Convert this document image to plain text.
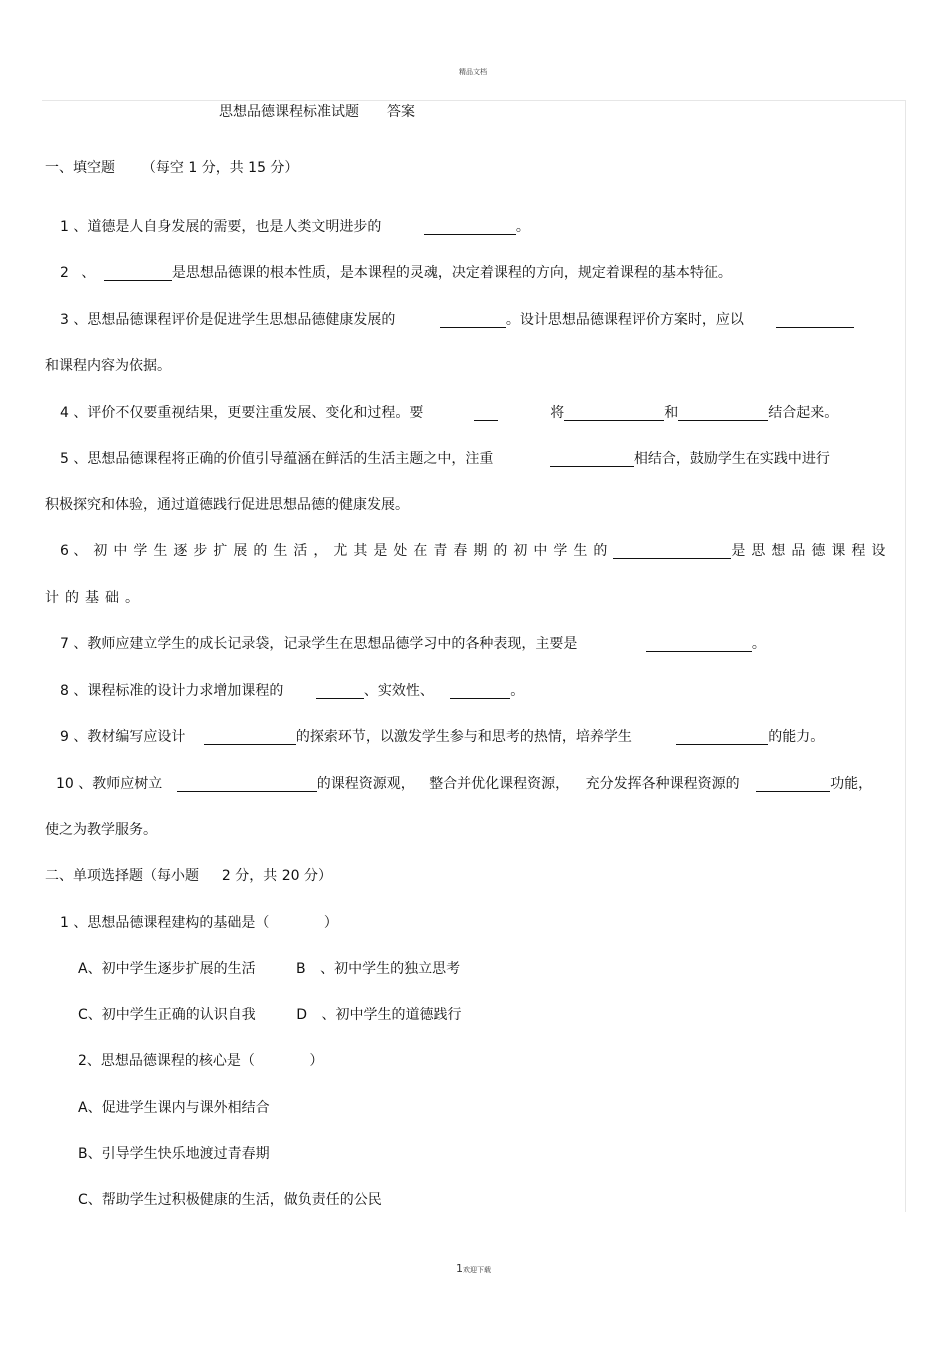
精品文档
思想品德课程标准试题 答案
一、填空题 （每空 1 分，共 15 分）
1 、道德是人自身发展的需要，也是人类文明进步的	。
2 、	是思想品德课的根本性质，是本课程的灵魂，决定着课程的方向，规定着课程的基本特征。
3 、思想品德课程评价是促进学生思想品德健康发展的	。设计思想品德课程评价方案时，应以
和课程内容为依据。
4 、评价不仅要重视结果，更要注重发展、变化和过程。要	将	和	结合起来。
5 、思想品德课程将正确的价值引导蕴涵在鲜活的生活主题之中，注重	相结合，鼓励学生在实践中进行
积极探究和体验，通过道德践行促进思想品德的健康发展。
6 、初中学生逐步扩展的生活，尤其是处在青春期的初中学生的	是思想品德课程设
计的基础。
7 、教师应建立学生的成长记录袋，记录学生在思想品德学习中的各种表现，主要是	。
8 、课程标准的设计力求增加课程的	、实效性、	。
9 、教材编写应设计	的探索环节，以激发学生参与和思考的热情，培养学生	的能力。
10 、教师应树立	的课程资源观， 整合并优化课程资源， 充分发挥各种课程资源的	功能，
使之为教学服务。
二、单项选择题（每小题 2 分，共 20 分）
1 、思想品德课程建构的基础是（	）
A、初中学生逐步扩展的生活	B 、初中学生的独立思考
C、初中学生正确的认识自我	D 、初中学生的道德践行
2、思想品德课程的核心是（	）
A、促进学生课内与课外相结合
B、引导学生快乐地渡过青春期
C、帮助学生过积极健康的生活，做负责任的公民
1欢迎下载
